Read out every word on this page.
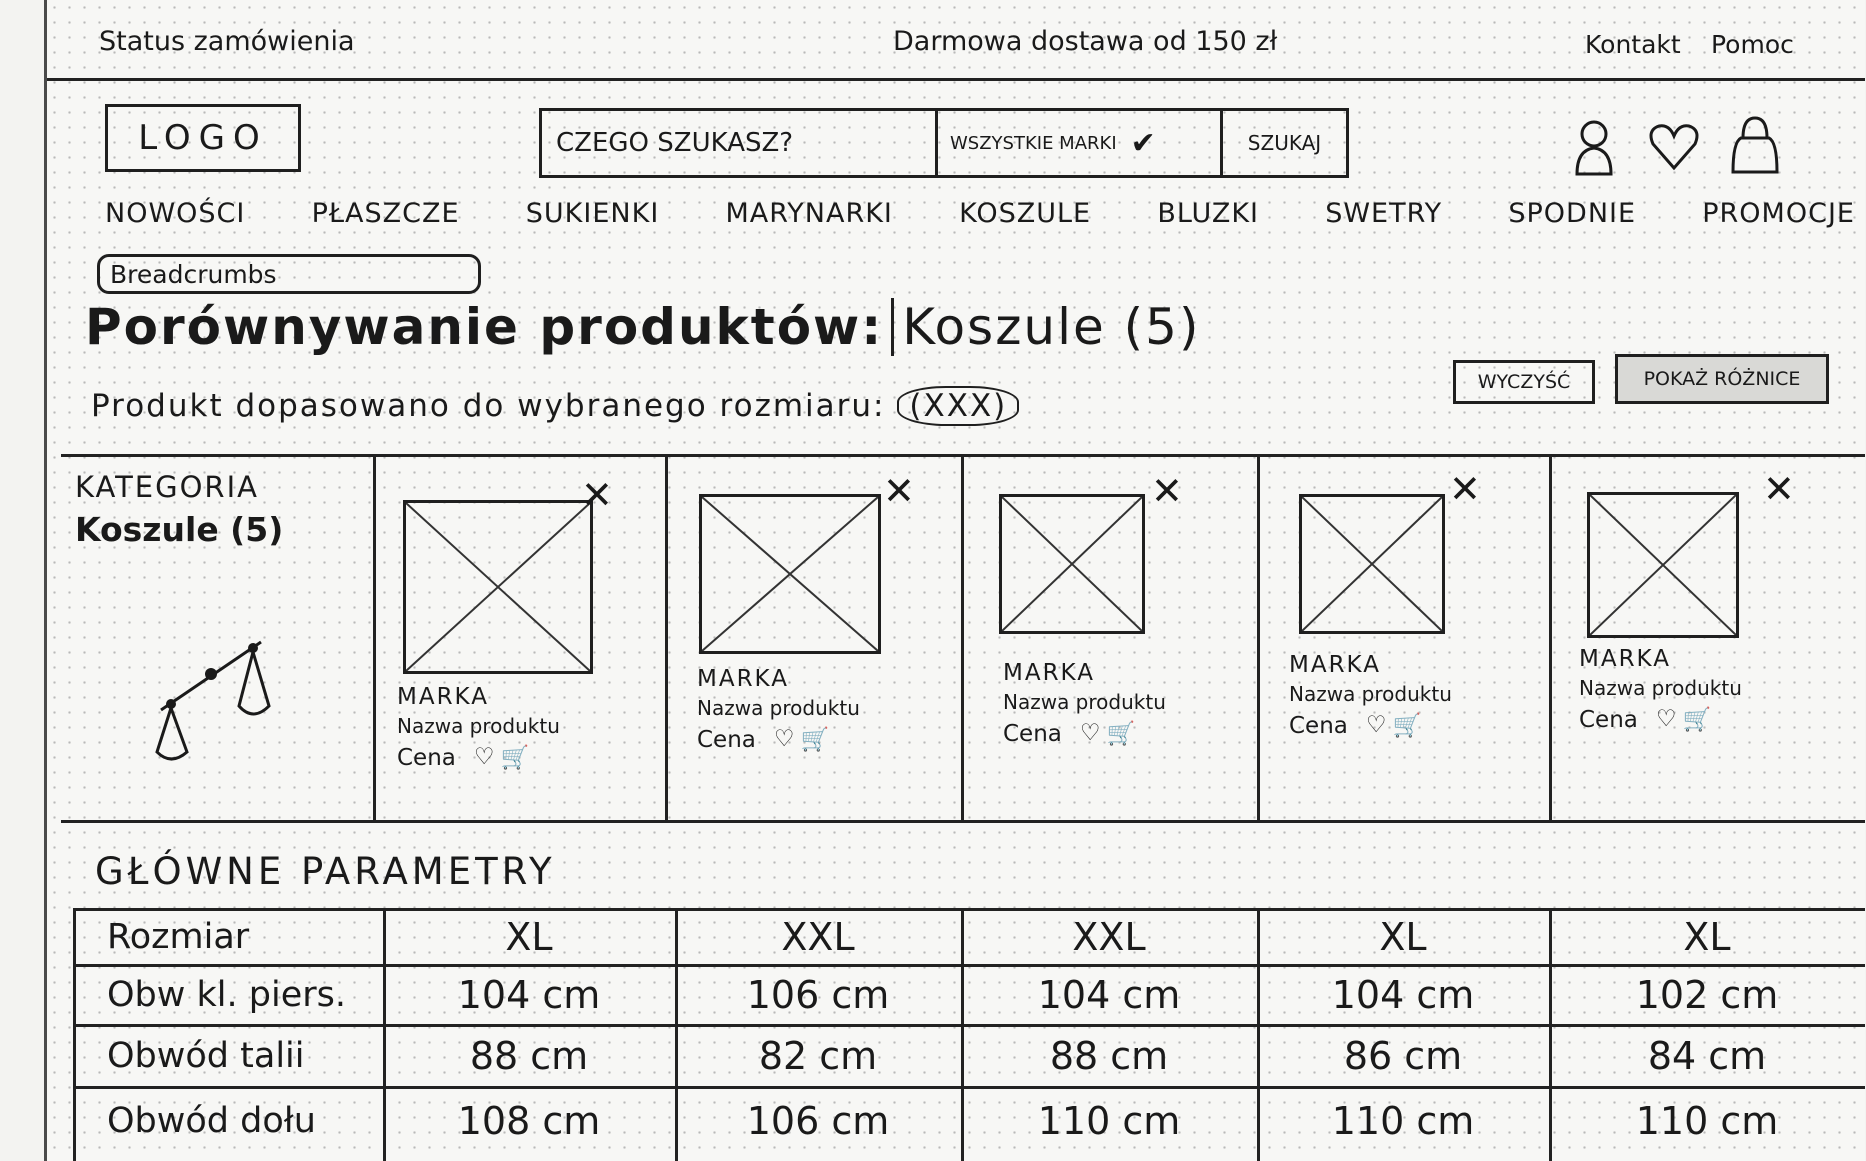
Status zamówienia	Darmowa dostawa od 150 zł	Kontakt Pomoc
LOGO	CZEGO SZUKASZ?	WSZYSTKIE MARKI ✔	SZUKAJ
NOWOŚCI PŁASZCZE SUKIENKI MARYNARKI KOSZULE BLUZKI SWETRY SPODNIE PROMOCJE
Breadcrumbs
Porównywanie produktów: Koszule (5)
Produkt dopasowano do wybranego rozmiaru: (XXX)
WYCZYŚĆ	POKAŻ RÓŻNICE
KATEGORIA
Koszule (5)
✕
MARKA
Nazwa produktu
Cena ♡ 🛒
✕
MARKA
Nazwa produktu
Cena ♡ 🛒
✕
MARKA
Nazwa produktu
Cena ♡ 🛒
✕
MARKA
Nazwa produktu
Cena ♡ 🛒
✕
MARKA
Nazwa produktu
Cena ♡ 🛒
GŁÓWNE PARAMETRY
Rozmiar	XL	XXL	XXL	XL	XL
Obw kl. piers.	104 cm	106 cm	104 cm	104 cm	102 cm
Obwód talii	88 cm	82 cm	88 cm	86 cm	84 cm
Obwód dołu	108 cm	106 cm	110 cm	110 cm	110 cm
